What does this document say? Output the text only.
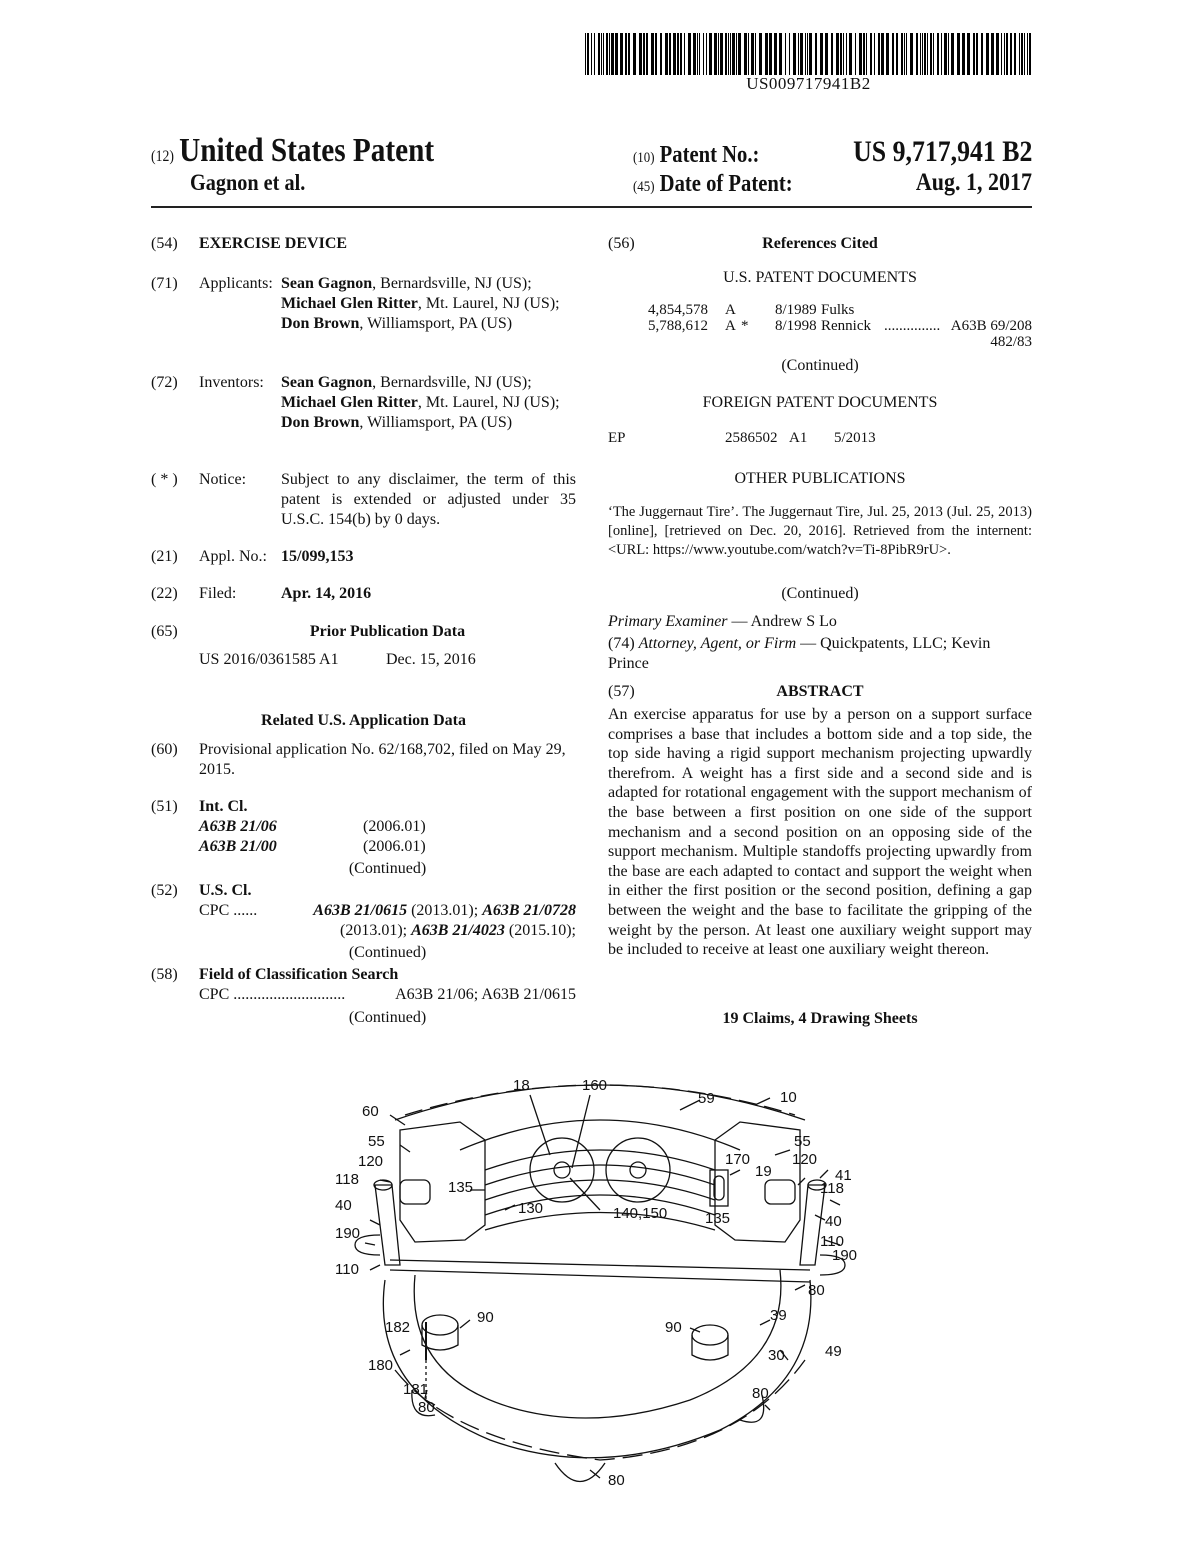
US009717941B2
(12) United States Patent
Gagnon et al.
(10) Patent No.:	US 9,717,941 B2
(45) Date of Patent:	Aug. 1, 2017
(54)	EXERCISE DEVICE
(71)	Applicants: Sean Gagnon, Bernardsville, NJ (US); Michael Glen Ritter, Mt. Laurel, NJ (US); Don Brown, Williamsport, PA (US)
(72)	Inventors: Sean Gagnon, Bernardsville, NJ (US); Michael Glen Ritter, Mt. Laurel, NJ (US); Don Brown, Williamsport, PA (US)
( * )	Notice: Subject to any disclaimer, the term of this patent is extended or adjusted under 35 U.S.C. 154(b) by 0 days.
(21)	Appl. No.: 15/099,153
(22)	Filed:	Apr. 14, 2016
(65)	Prior Publication Data
US 2016/0361585 A1	Dec. 15, 2016
Related U.S. Application Data
(60)	Provisional application No. 62/168,702, filed on May 29, 2015.
(51)	Int. Cl.
A63B 21/06	(2006.01)
A63B 21/00	(2006.01)
(Continued)
(52)	U.S. Cl.
CPC ......	A63B 21/0615 (2013.01); A63B 21/0728
(2013.01); A63B 21/4023 (2015.10);
(Continued)
(58)	Field of Classification Search
CPC ............................	A63B 21/06; A63B 21/0615
(Continued)
(56)	References Cited
U.S. PATENT DOCUMENTS
4,854,578 A	8/1989 Fulks
5,788,612 A * 8/1998 Rennick ............... A63B 69/208
482/83
(Continued)
FOREIGN PATENT DOCUMENTS
EP	2586502 A1 5/2013
OTHER PUBLICATIONS
‘The Juggernaut Tire’. The Juggernaut Tire, Jul. 25, 2013 (Jul. 25, 2013) [online], [retrieved on Dec. 20, 2016]. Retrieved from the internent: <URL: https://www.youtube.com/watch?v=Ti-8PibR9rU>.
(Continued)
Primary Examiner — Andrew S Lo
(74) Attorney, Agent, or Firm — Quickpatents, LLC; Kevin Prince
(57)	ABSTRACT
An exercise apparatus for use by a person on a support surface comprises a base that includes a bottom side and a top side, the top side having a rigid support mechanism projecting upwardly therefrom. A weight has a first side and a second side and is adapted for rotational engagement with the support mechanism of the base between a first position on one side of the support mechanism and a second position on an opposing side of the support mechanism. Multiple standoffs projecting upwardly from the base are each adapted to contact and support the weight when in either the first position or the second position, defining a gap between the weight and the base to facilitate the gripping of the weight by the person. At least one auxiliary weight support may be included to receive at least one auxiliary weight thereon.
19 Claims, 4 Drawing Sheets
18	160
59	10
60
55
120
118	135
40
190
110
130	140,150
55
170
19
120
41
118
135	40
110
190
80
39
182
90
90
30	49
180
181
80
80
80
